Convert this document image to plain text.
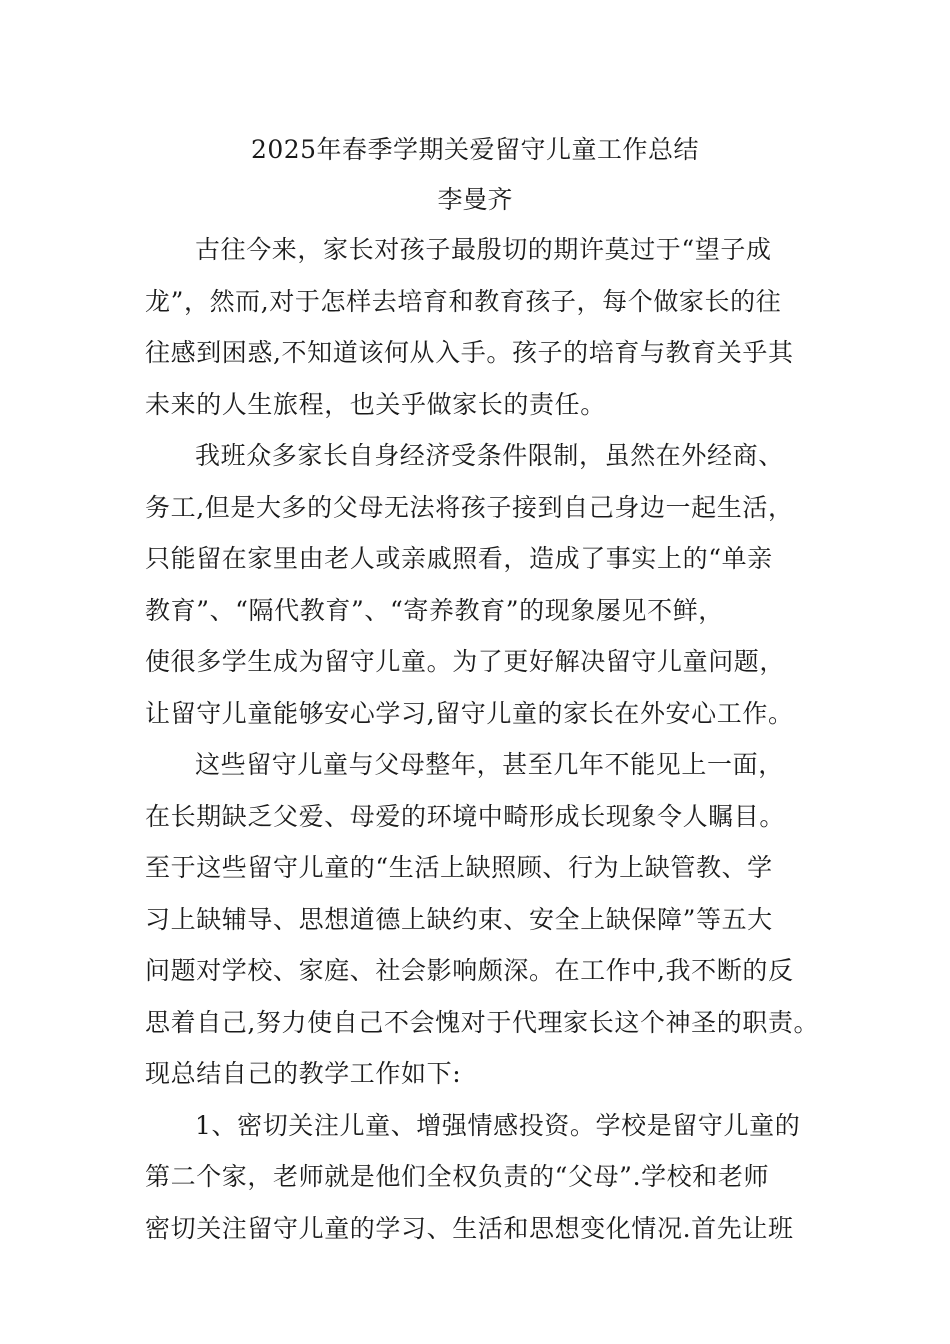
2025年春季学期关爱留守儿童工作总结
李曼齐

古往今来，家长对孩子最殷切的期许莫过于“望子成

龙”，然而,对于怎样去培育和教育孩子，每个做家长的往

往感到困惑,不知道该何从入手。孩子的培育与教育关乎其

未来的人生旅程，也关乎做家长的责任。

我班众多家长自身经济受条件限制，虽然在外经商、

务工,但是大多的父母无法将孩子接到自己身边一起生活，

只能留在家里由老人或亲戚照看，造成了事实上的“单亲

教育”、“隔代教育”、“寄养教育”的现象屡见不鲜，

使很多学生成为留守儿童。为了更好解决留守儿童问题，

让留守儿童能够安心学习,留守儿童的家长在外安心工作。

这些留守儿童与父母整年，甚至几年不能见上一面，

在长期缺乏父爱、母爱的环境中畸形成长现象令人瞩目。

至于这些留守儿童的“生活上缺照顾、行为上缺管教、学

习上缺辅导、思想道德上缺约束、安全上缺保障”等五大

问题对学校、家庭、社会影响颇深。在工作中,我不断的反

思着自己,努力使自己不会愧对于代理家长这个神圣的职责。

现总结自己的教学工作如下:

1、密切关注儿童、增强情感投资。学校是留守儿童的

第二个家，老师就是他们全权负责的“父母”.学校和老师

密切关注留守儿童的学习、生活和思想变化情况.首先让班
